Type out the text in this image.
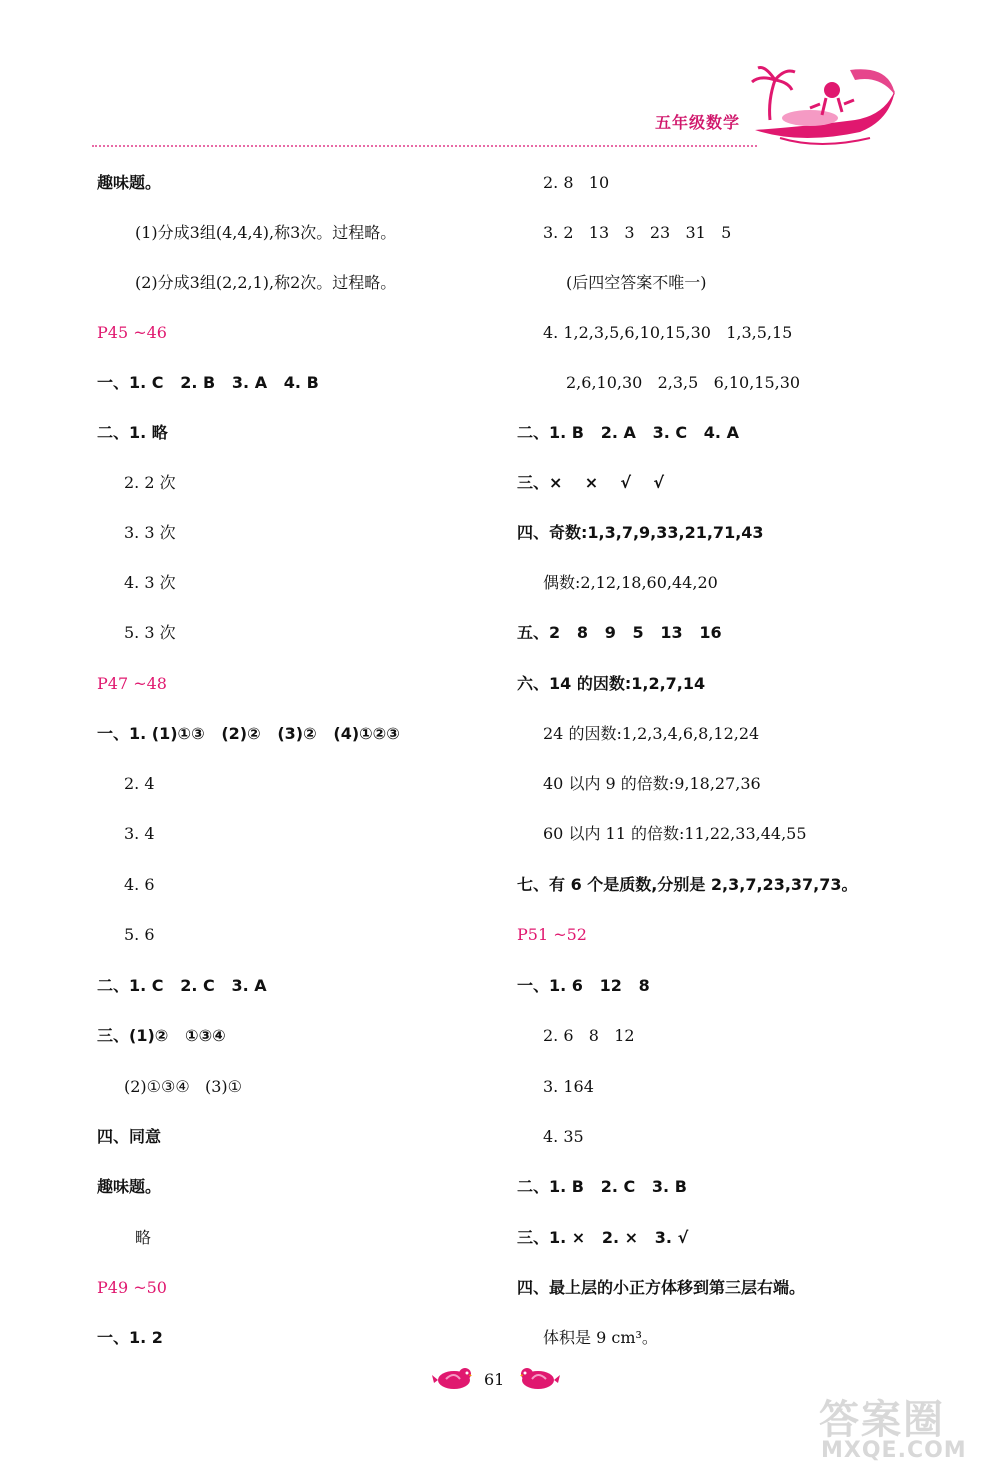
五年级数学
趣味题。
(1)分成3组(4,4,4),称3次。过程略。
(2)分成3组(2,2,1),称2次。过程略。
P45 ~46
一、1. C   2. B   3. A   4. B
二、1. 略
2. 2 次
3. 3 次
4. 3 次
5. 3 次
P47 ~48
一、1. (1)①③   (2)②   (3)②   (4)①②③
2. 4
3. 4
4. 6
5. 6
二、1. C   2. C   3. A
三、(1)②   ①③④
(2)①③④   (3)①
四、同意
趣味题。
略
P49 ~50
一、1. 2
2. 8   10
3. 2   13   3   23   31   5
(后四空答案不唯一)
4. 1,2,3,5,6,10,15,30   1,3,5,15
2,6,10,30   2,3,5   6,10,15,30
二、1. B   2. A   3. C   4. A
三、×    ×    √    √
四、奇数:1,3,7,9,33,21,71,43
偶数:2,12,18,60,44,20
五、2   8   9   5   13   16
六、14 的因数:1,2,7,14
24 的因数:1,2,3,4,6,8,12,24
40 以内 9 的倍数:9,18,27,36
60 以内 11 的倍数:11,22,33,44,55
七、有 6 个是质数,分别是 2,3,7,23,37,73。
P51 ~52
一、1. 6   12   8
2. 6   8   12
3. 164
4. 35
二、1. B   2. C   3. B
三、1. ×   2. ×   3. √
四、最上层的小正方体移到第三层右端。
体积是 9 cm³。
61
答案圈
MXQE.COM
